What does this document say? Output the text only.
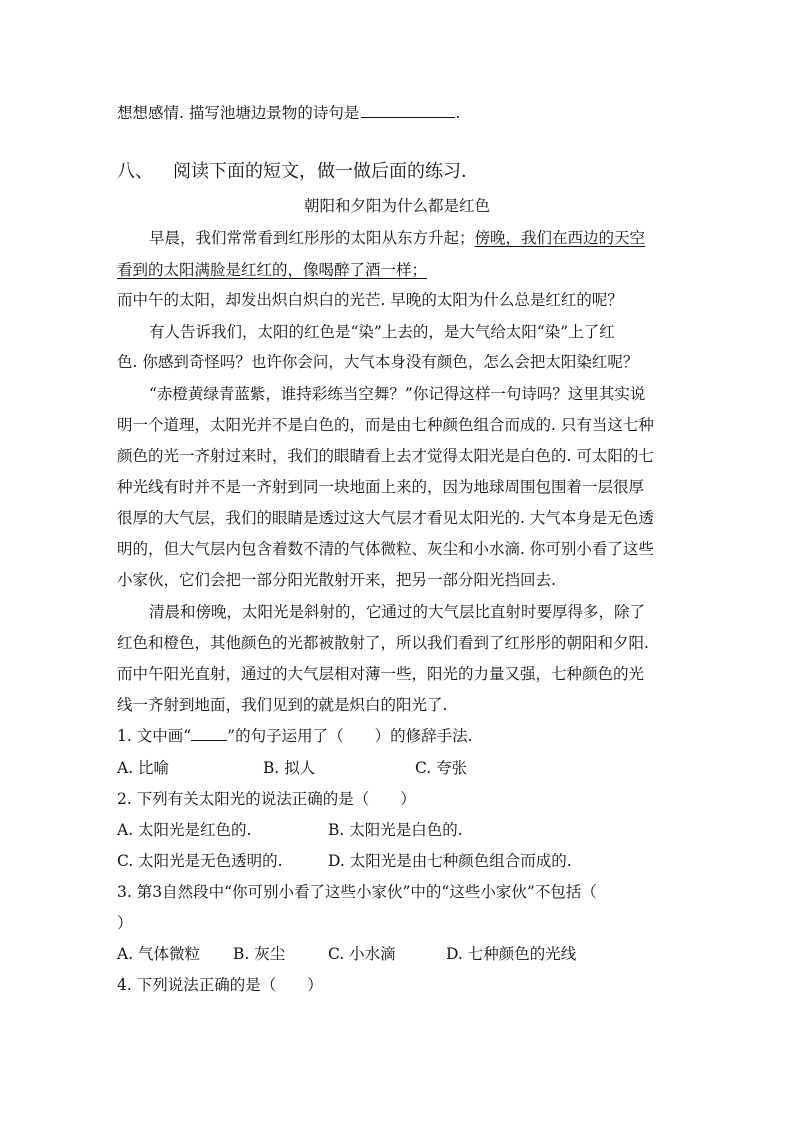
想想感情. 描写池塘边景物的诗句是	.
八、 阅读下面的短文，做一做后面的练习．
朝阳和夕阳为什么都是红色
早晨，我们常常看到红彤彤的太阳从东方升起；傍晚，我们在西边的天空
看到的太阳满脸是红红的，像喝醉了酒一样；
而中午的太阳，却发出炽白炽白的光芒. 早晚的太阳为什么总是红红的呢？
有人告诉我们，太阳的红色是“染”上去的，是大气给太阳“染”上了红
色. 你感到奇怪吗？也许你会问，大气本身没有颜色，怎么会把太阳染红呢？
“赤橙黄绿青蓝紫，谁持彩练当空舞？”你记得这样一句诗吗？这里其实说
明一个道理，太阳光并不是白色的，而是由七种颜色组合而成的. 只有当这七种
颜色的光一齐射过来时，我们的眼睛看上去才觉得太阳光是白色的. 可太阳的七
种光线有时并不是一齐射到同一块地面上来的，因为地球周围包围着一层很厚
很厚的大气层，我们的眼睛是透过这大气层才看见太阳光的. 大气本身是无色透
明的，但大气层内包含着数不清的气体微粒、灰尘和小水滴. 你可别小看了这些
小家伙，它们会把一部分阳光散射开来，把另一部分阳光挡回去.
清晨和傍晚，太阳光是斜射的，它通过的大气层比直射时要厚得多，除了
红色和橙色，其他颜色的光都被散射了，所以我们看到了红彤彤的朝阳和夕阳.
而中午阳光直射，通过的大气层相对薄一些，阳光的力量又强，七种颜色的光
线一齐射到地面，我们见到的就是炽白的阳光了.
1. 文中画“ ”的句子运用了（　　）的修辞手法.
A. 比喻	B. 拟人	C. 夸张
2. 下列有关太阳光的说法正确的是（　　）
A. 太阳光是红色的.	B. 太阳光是白色的.
C. 太阳光是无色透明的.	D. 太阳光是由七种颜色组合而成的.
3. 第3自然段中“你可别小看了这些小家伙”中的“这些小家伙”不包括（
）
A. 气体微粒 B. 灰尘	C. 小水滴	D. 七种颜色的光线
4. 下列说法正确的是（　　）
